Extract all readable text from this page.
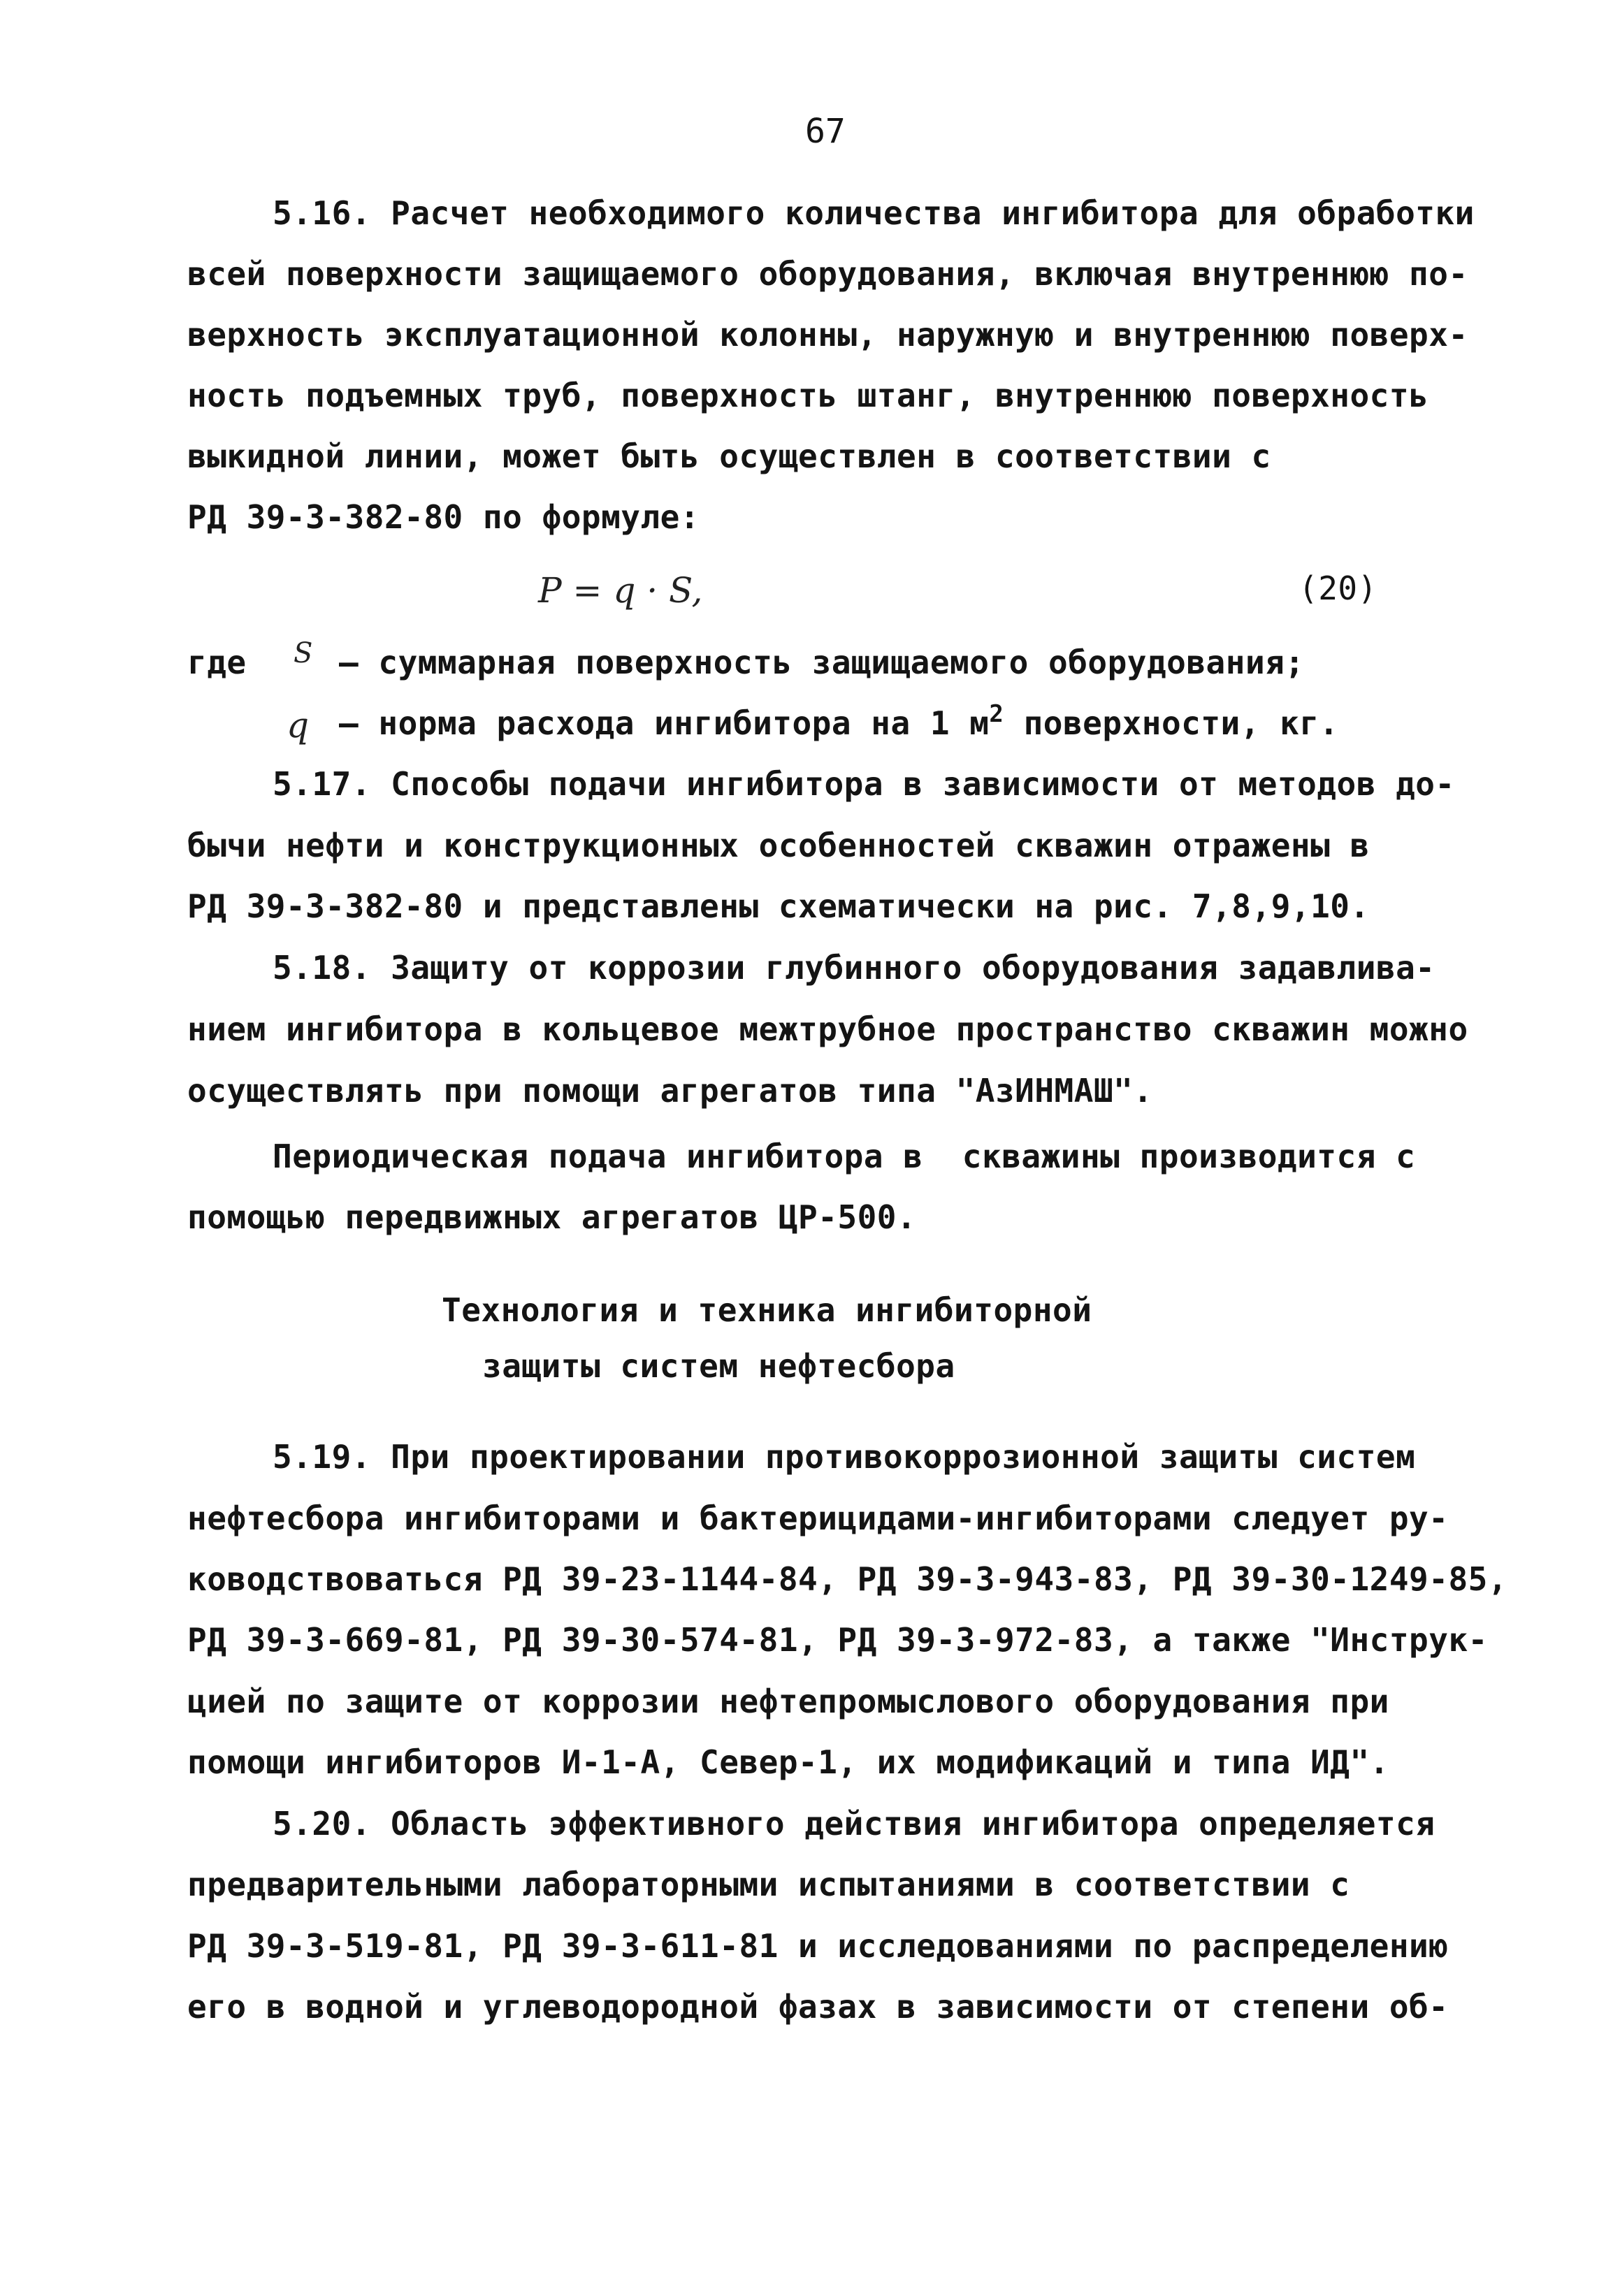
67
5.16. Расчет необходимого количества ингибитора для обработки
всей поверхности защищаемого оборудования, включая внутреннюю по-
верхность эксплуатационной колонны, наружную и внутреннюю поверх-
ность подъемных труб, поверхность штанг, внутреннюю поверхность
выкидной линии, может быть осуществлен в соответствии с
РД 39-3-382-80 по формуле:
P = q · S,	(20)
где S – суммарная поверхность защищаемого оборудования;
q – норма расхода ингибитора на 1 $м^2$ поверхности, кг.
5.17. Способы подачи ингибитора в зависимости от методов до-
бычи нефти и конструкционных особенностей скважин отражены в
РД 39-3-382-80 и представлены схематически на рис. 7,8,9,10.
5.18. Защиту от коррозии глубинного оборудования задавлива-
нием ингибитора в кольцевое межтрубное пространство скважин можно
осуществлять при помощи агрегатов типа "АзИНМАШ".
Периодическая подача ингибитора в  скважины производится с
помощью передвижных агрегатов ЦР-500.
Технология и техника ингибиторной
защиты систем нефтесбора
5.19. При проектировании противокоррозионной защиты систем
нефтесбора ингибиторами и бактерицидами-ингибиторами следует ру-
ководствоваться РД 39-23-1144-84, РД 39-3-943-83, РД 39-30-1249-85,
РД 39-3-669-81, РД 39-30-574-81, РД 39-3-972-83, а также "Инструк-
цией по защите от коррозии нефтепромыслового оборудования при
помощи ингибиторов И-1-А, Север-1, их модификаций и типа ИД".
5.20. Область эффективного действия ингибитора определяется
предварительными лабораторными испытаниями в соответствии с
РД 39-3-519-81, РД 39-3-611-81 и исследованиями по распределению
его в водной и углеводородной фазах в зависимости от степени об-
